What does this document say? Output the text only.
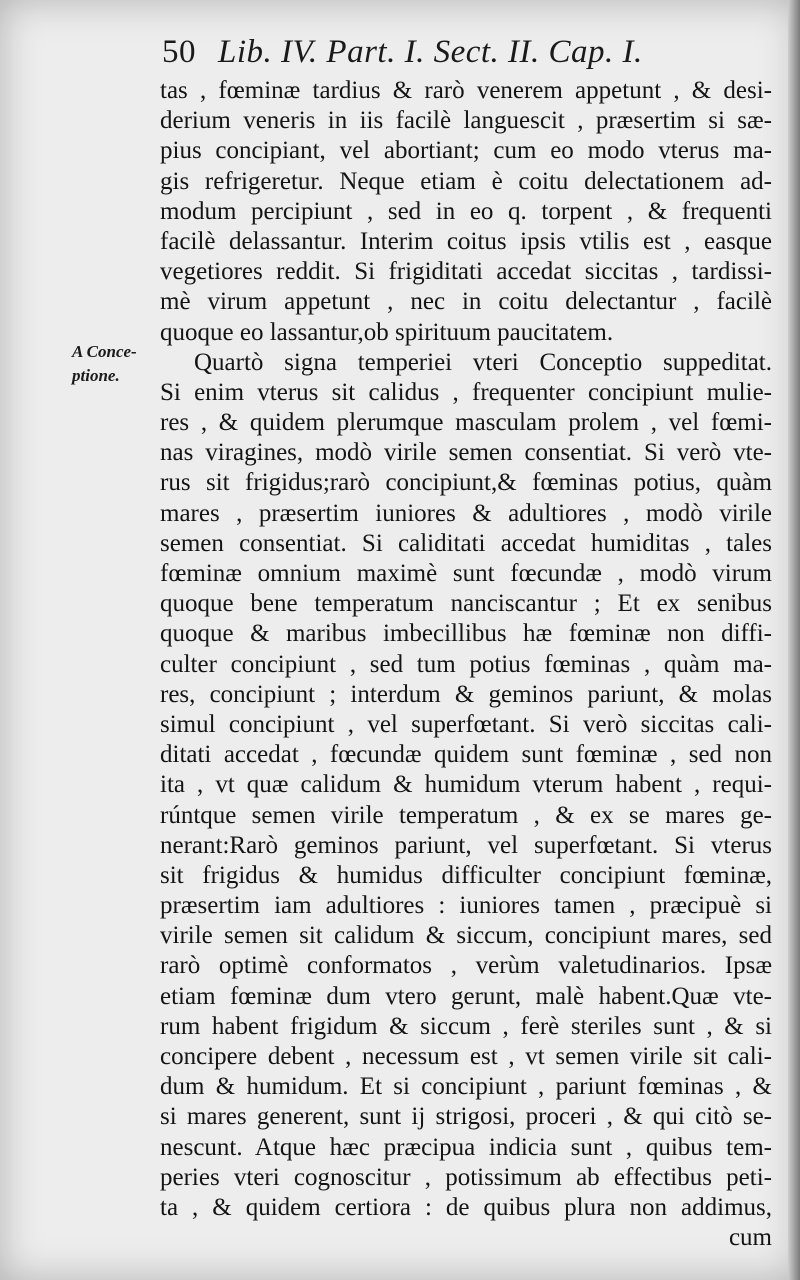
50 Lib. IV. Part. I. Sect. II. Cap. I.
A Conce-
ptione.
tas , fœminæ tardius & rarò venerem appetunt , & desi-
derium veneris in iis facilè languescit , præsertim si sæ-
pius concipiant, vel abortiant; cum eo modo vterus ma-
gis refrigeretur. Neque etiam è coitu delectationem ad-
modum percipiunt , sed in eo q. torpent , & frequenti
facilè delassantur. Interim coitus ipsis vtilis est , easque
vegetiores reddit. Si frigiditati accedat siccitas , tardissi-
mè virum appetunt , nec in coitu delectantur , facilè
quoque eo lassantur,ob spirituum paucitatem.
Quartò signa temperiei vteri Conceptio suppeditat.
Si enim vterus sit calidus , frequenter concipiunt mulie-
res , & quidem plerumque masculam prolem , vel fœmi-
nas viragines, modò virile semen consentiat. Si verò vte-
rus sit frigidus;rarò concipiunt,& fœminas potius, quàm
mares , præsertim iuniores & adultiores , modò virile
semen consentiat. Si caliditati accedat humiditas , tales
fœminæ omnium maximè sunt fœcundæ , modò virum
quoque bene temperatum nanciscantur ; Et ex senibus
quoque & maribus imbecillibus hæ fœminæ non diffi-
culter concipiunt , sed tum potius fœminas , quàm ma-
res, concipiunt ; interdum & geminos pariunt, & molas
simul concipiunt , vel superfœtant. Si verò siccitas cali-
ditati accedat , fœcundæ quidem sunt fœminæ , sed non
ita , vt quæ calidum & humidum vterum habent , requi-
rúntque semen virile temperatum , & ex se mares ge-
nerant:Rarò geminos pariunt, vel superfœtant. Si vterus
sit frigidus & humidus difficulter concipiunt fœminæ,
præsertim iam adultiores : iuniores tamen , præcipuè si
virile semen sit calidum & siccum, concipiunt mares, sed
rarò optimè conformatos , verùm valetudinarios. Ipsæ
etiam fœminæ dum vtero gerunt, malè habent.Quæ vte-
rum habent frigidum & siccum , ferè steriles sunt , & si
concipere debent , necessum est , vt semen virile sit cali-
dum & humidum. Et si concipiunt , pariunt fœminas , &
si mares generent, sunt ij strigosi, proceri , & qui citò se-
nescunt. Atque hæc præcipua indicia sunt , quibus tem-
peries vteri cognoscitur , potissimum ab effectibus peti-
ta , & quidem certiora : de quibus plura non addimus,
cum
